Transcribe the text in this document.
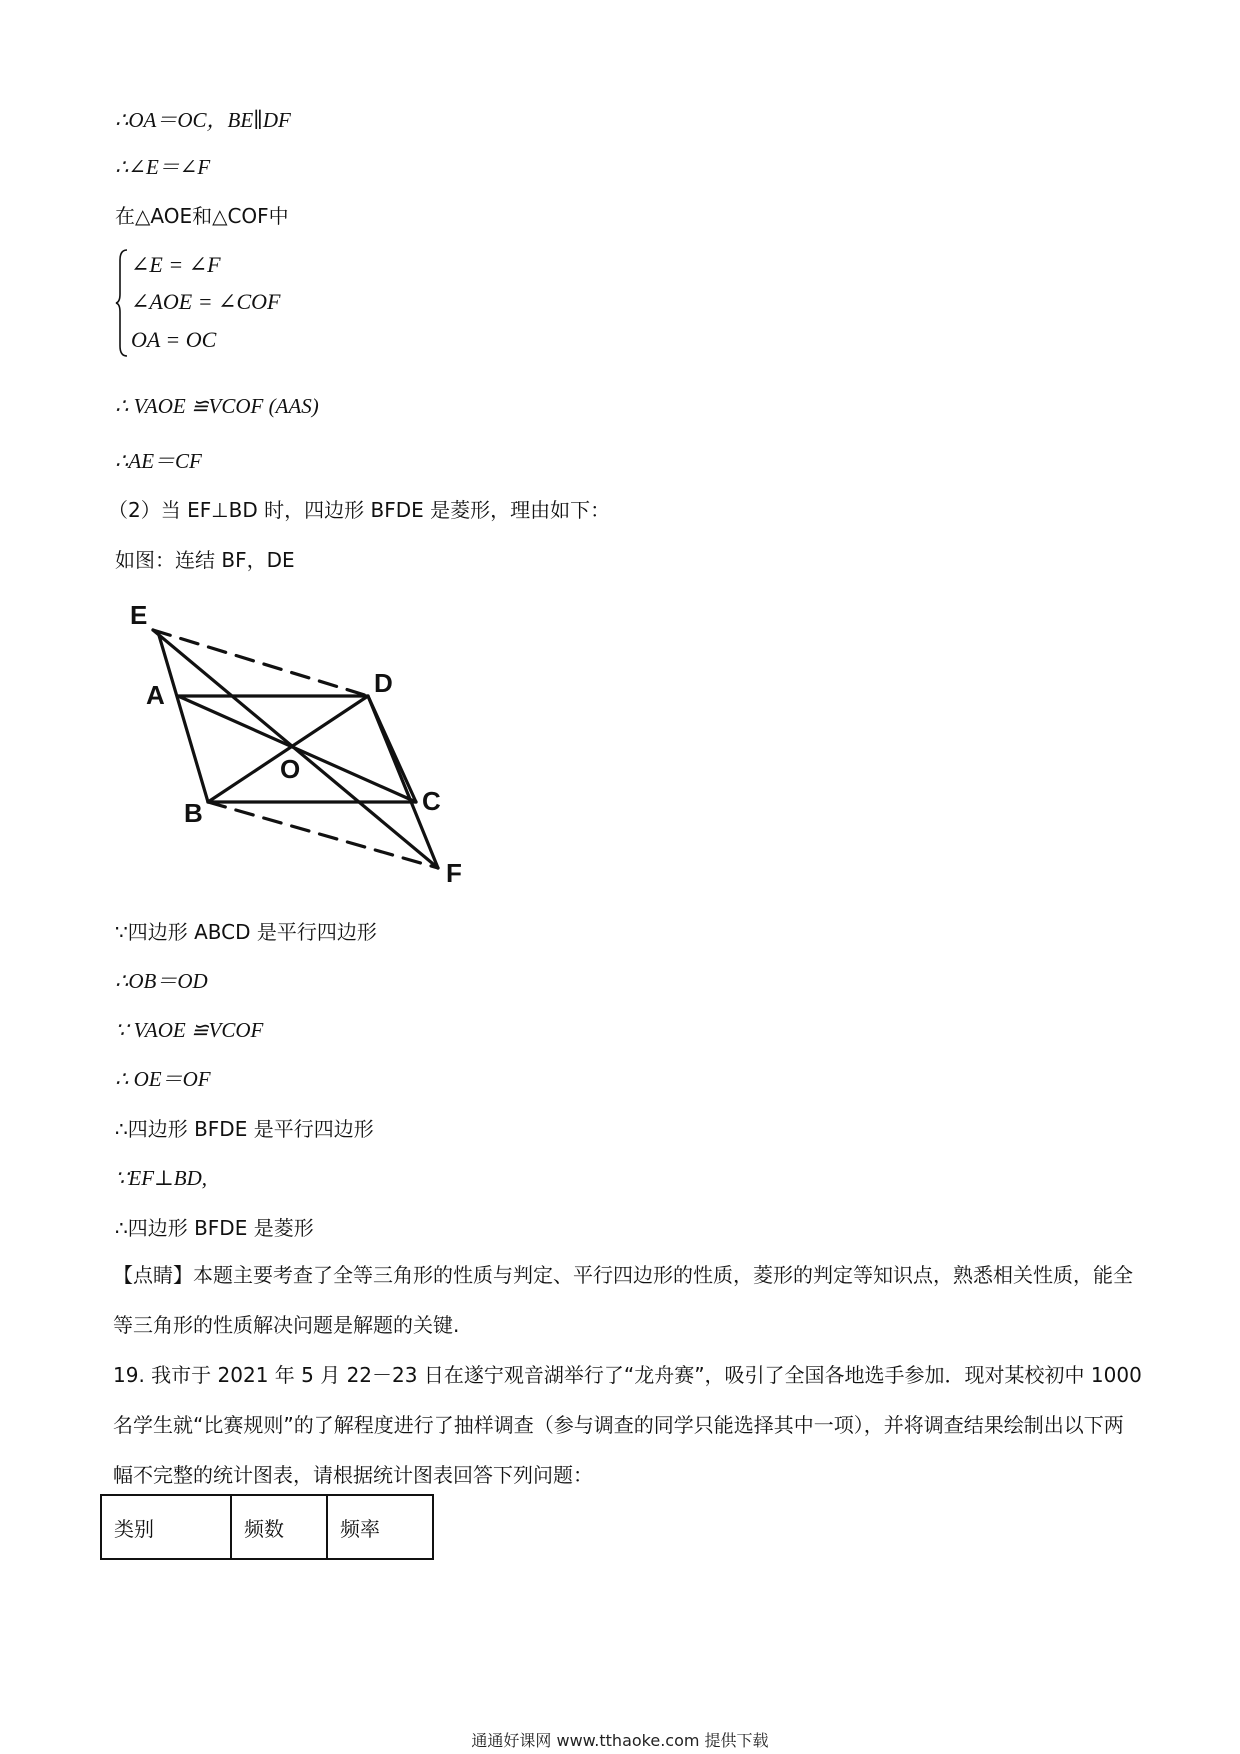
∴OA＝OC，BE∥DF
∴∠E＝∠F
在△AOE和△COF中
∠E = ∠F
∠AOE = ∠COF
OA = OC
∴ VAOE ≌VCOF (AAS)
∴AE＝CF
（2）当 EF⊥BD 时，四边形 BFDE 是菱形，理由如下：
如图：连结 BF，DE
E
A	D
O
B	C
F
∵四边形 ABCD 是平行四边形
∴OB＝OD
∵ VAOE ≌VCOF
∴ OE＝OF
∴四边形 BFDE 是平行四边形
∵EF⊥BD,
∴四边形 BFDE 是菱形
【点睛】本题主要考查了全等三角形的性质与判定、平行四边形的性质，菱形的判定等知识点，熟悉相关性质，能全等三角形的性质解决问题是解题的关键.
19. 我市于 2021 年 5 月 22－23 日在遂宁观音湖举行了“龙舟赛”，吸引了全国各地选手参加．现对某校初中 1000 名学生就“比赛规则”的了解程度进行了抽样调查（参与调查的同学只能选择其中一项），并将调查结果绘制出以下两幅不完整的统计图表，请根据统计图表回答下列问题：
类别	频数	频率
通通好课网 www.tthaoke.com 提供下载
